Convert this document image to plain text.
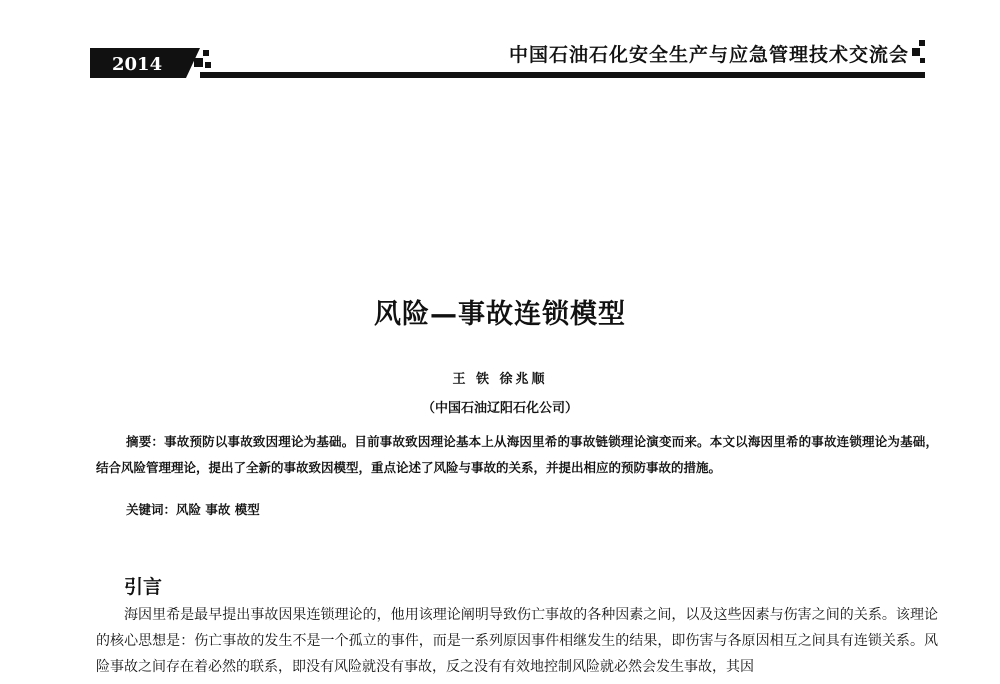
2014	中国石油石化安全生产与应急管理技术交流会
风险—事故连锁模型
王 铁 徐兆顺
（中国石油辽阳石化公司）
摘要：事故预防以事故致因理论为基础。目前事故致因理论基本上从海因里希的事故链锁理论演变而来。本文以海因里希的事故连锁理论为基础，结合风险管理理论，提出了全新的事故致因模型，重点论述了风险与事故的关系，并提出相应的预防事故的措施。
关键词：风险 事故 模型
引言
海因里希是最早提出事故因果连锁理论的，他用该理论阐明导致伤亡事故的各种因素之间，以及这些因素与伤害之间的关系。该理论的核心思想是：伤亡事故的发生不是一个孤立的事件，而是一系列原因事件相继发生的结果，即伤害与各原因相互之间具有连锁关系。风险事故之间存在着必然的联系，即没有风险就没有事故，反之没有有效地控制风险就必然会发生事故，其因
